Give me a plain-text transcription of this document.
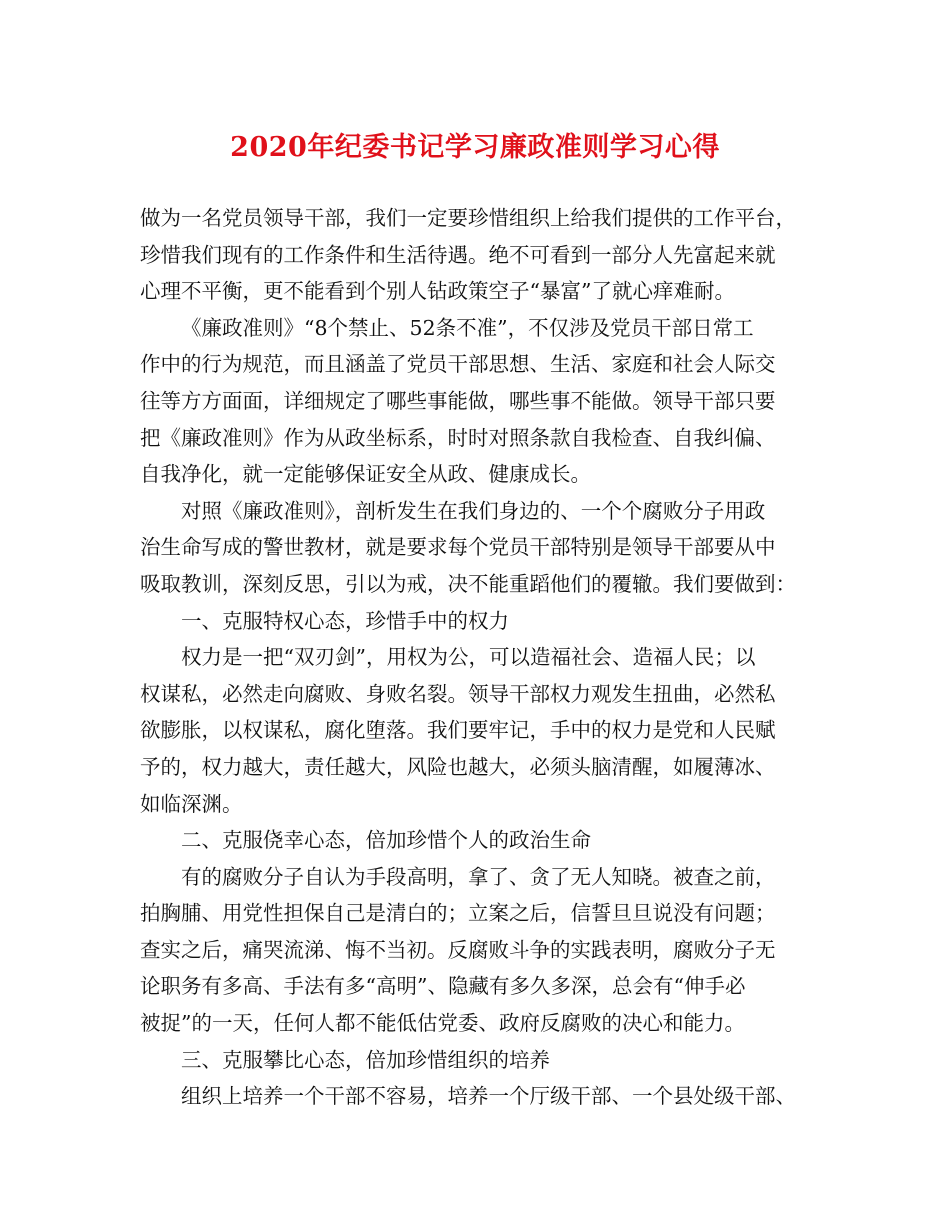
2020年纪委书记学习廉政准则学习心得
做为一名党员领导干部，我们一定要珍惜组织上给我们提供的工作平台，
珍惜我们现有的工作条件和生活待遇。绝不可看到一部分人先富起来就
心理不平衡，更不能看到个别人钻政策空子“暴富”了就心痒难耐。
《廉政准则》“8个禁止、52条不准”，不仅涉及党员干部日常工
作中的行为规范，而且涵盖了党员干部思想、生活、家庭和社会人际交
往等方方面面，详细规定了哪些事能做，哪些事不能做。领导干部只要
把《廉政准则》作为从政坐标系，时时对照条款自我检查、自我纠偏、
自我净化，就一定能够保证安全从政、健康成长。
对照《廉政准则》，剖析发生在我们身边的、一个个腐败分子用政
治生命写成的警世教材，就是要求每个党员干部特别是领导干部要从中
吸取教训，深刻反思，引以为戒，决不能重蹈他们的覆辙。我们要做到：
一、克服特权心态，珍惜手中的权力
权力是一把“双刃剑”，用权为公，可以造福社会、造福人民；以
权谋私，必然走向腐败、身败名裂。领导干部权力观发生扭曲，必然私
欲膨胀，以权谋私，腐化堕落。我们要牢记，手中的权力是党和人民赋
予的，权力越大，责任越大，风险也越大，必须头脑清醒，如履薄冰、
如临深渊。
二、克服侥幸心态，倍加珍惜个人的政治生命
有的腐败分子自认为手段高明，拿了、贪了无人知晓。被查之前，
拍胸脯、用党性担保自己是清白的；立案之后，信誓旦旦说没有问题；
查实之后，痛哭流涕、悔不当初。反腐败斗争的实践表明，腐败分子无
论职务有多高、手法有多“高明”、隐藏有多久多深，总会有“伸手必
被捉”的一天，任何人都不能低估党委、政府反腐败的决心和能力。
三、克服攀比心态，倍加珍惜组织的培养
组织上培养一个干部不容易，培养一个厅级干部、一个县处级干部、
